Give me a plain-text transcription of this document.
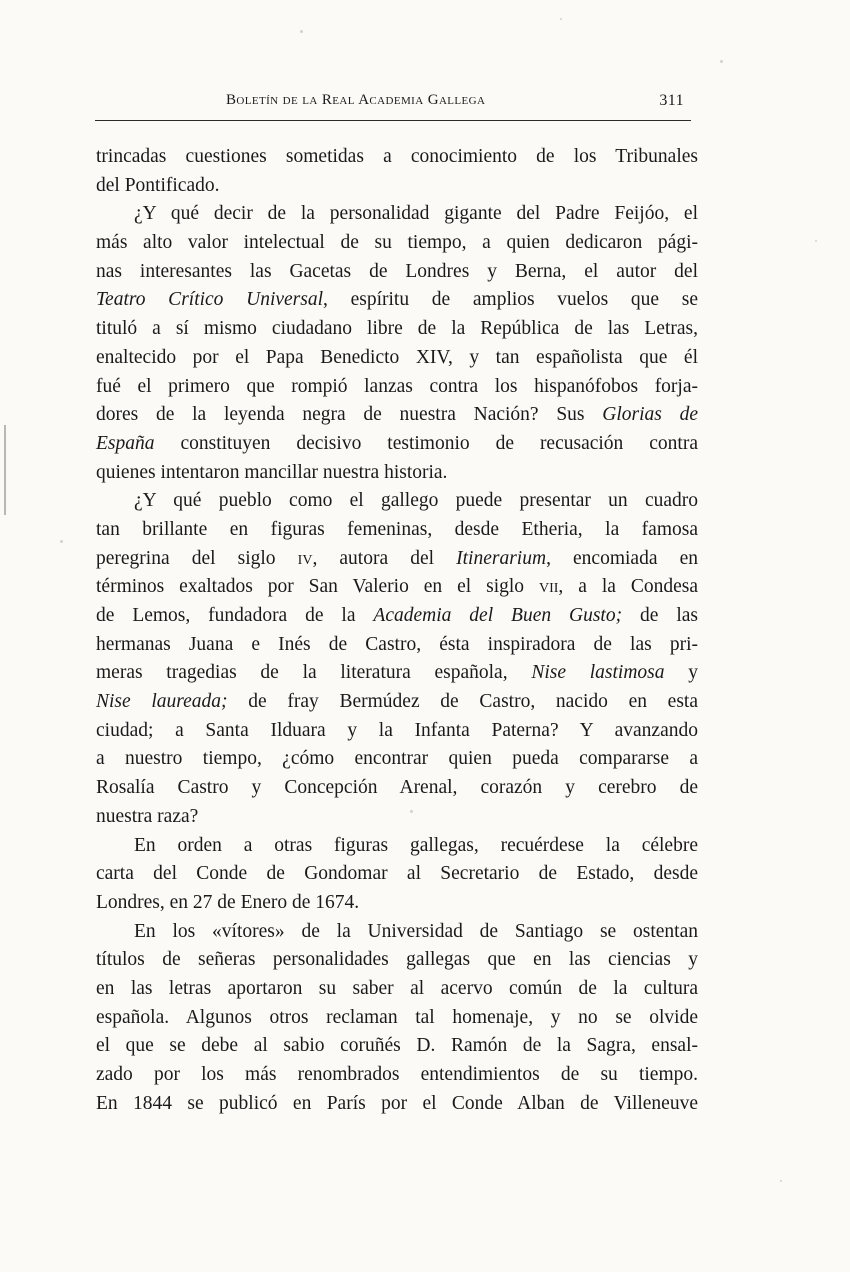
Boletín de la Real Academia Gallega	311
trincadas cuestiones sometidas a conocimiento de los Tribunales
del Pontificado.
¿Y qué decir de la personalidad gigante del Padre Feijóo, el
más alto valor intelectual de su tiempo, a quien dedicaron pági-
nas interesantes las Gacetas de Londres y Berna, el autor del
Teatro Crítico Universal, espíritu de amplios vuelos que se
tituló a sí mismo ciudadano libre de la República de las Letras,
enaltecido por el Papa Benedicto XIV, y tan españolista que él
fué el primero que rompió lanzas contra los hispanófobos forja-
dores de la leyenda negra de nuestra Nación? Sus Glorias de
España constituyen decisivo testimonio de recusación contra
quienes intentaron mancillar nuestra historia.
¿Y qué pueblo como el gallego puede presentar un cuadro
tan brillante en figuras femeninas, desde Etheria, la famosa
peregrina del siglo iv, autora del Itinerarium, encomiada en
términos exaltados por San Valerio en el siglo vii, a la Condesa
de Lemos, fundadora de la Academia del Buen Gusto; de las
hermanas Juana e Inés de Castro, ésta inspiradora de las pri-
meras tragedias de la literatura española, Nise lastimosa y
Nise laureada; de fray Bermúdez de Castro, nacido en esta
ciudad; a Santa Ilduara y la Infanta Paterna? Y avanzando
a nuestro tiempo, ¿cómo encontrar quien pueda compararse a
Rosalía Castro y Concepción Arenal, corazón y cerebro de
nuestra raza?
En orden a otras figuras gallegas, recuérdese la célebre
carta del Conde de Gondomar al Secretario de Estado, desde
Londres, en 27 de Enero de 1674.
En los «vítores» de la Universidad de Santiago se ostentan
títulos de señeras personalidades gallegas que en las ciencias y
en las letras aportaron su saber al acervo común de la cultura
española. Algunos otros reclaman tal homenaje, y no se olvide
el que se debe al sabio coruñés D. Ramón de la Sagra, ensal-
zado por los más renombrados entendimientos de su tiempo.
En 1844 se publicó en París por el Conde Alban de Villeneuve
